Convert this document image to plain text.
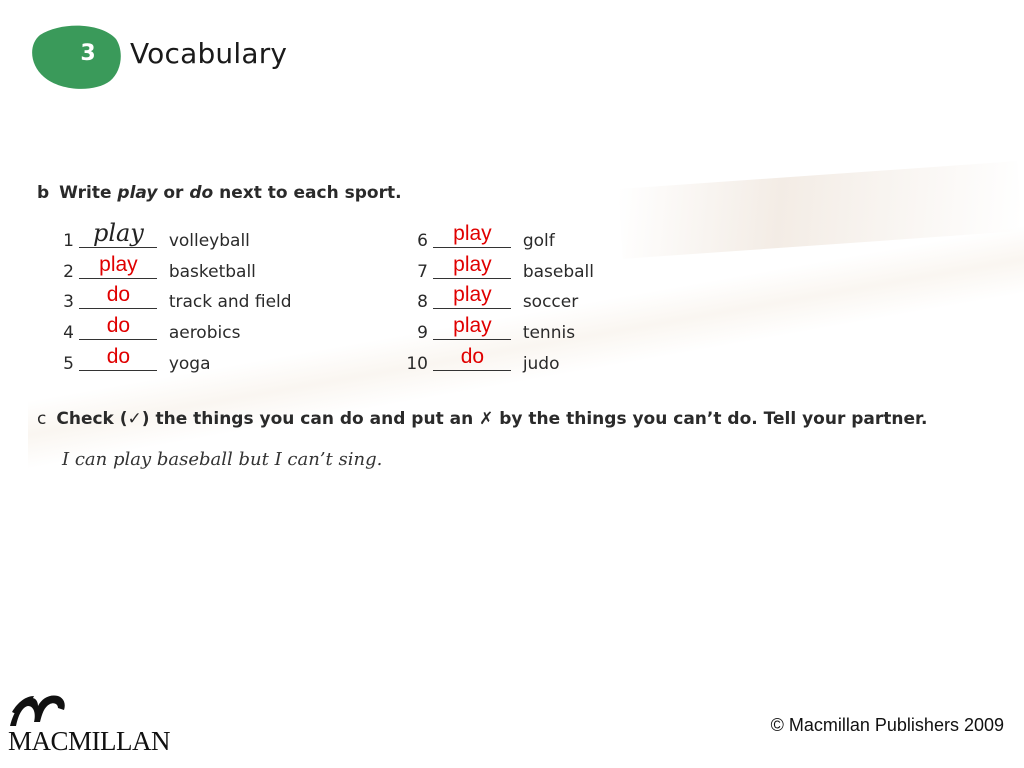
3 Vocabulary
b Write play or do next to each sport.
1 play	volleyball
2	play	basketball
3	do	track and field
4	do	aerobics
5	do	yoga
6	play	golf
7	play	baseball
8	play	soccer
9	play	tennis
10	do	judo
c Check (✓) the things you can do and put an ✗ by the things you can’t do. Tell your partner.
I can play baseball but I can’t sing.
MACMILLAN
© Macmillan Publishers 2009
